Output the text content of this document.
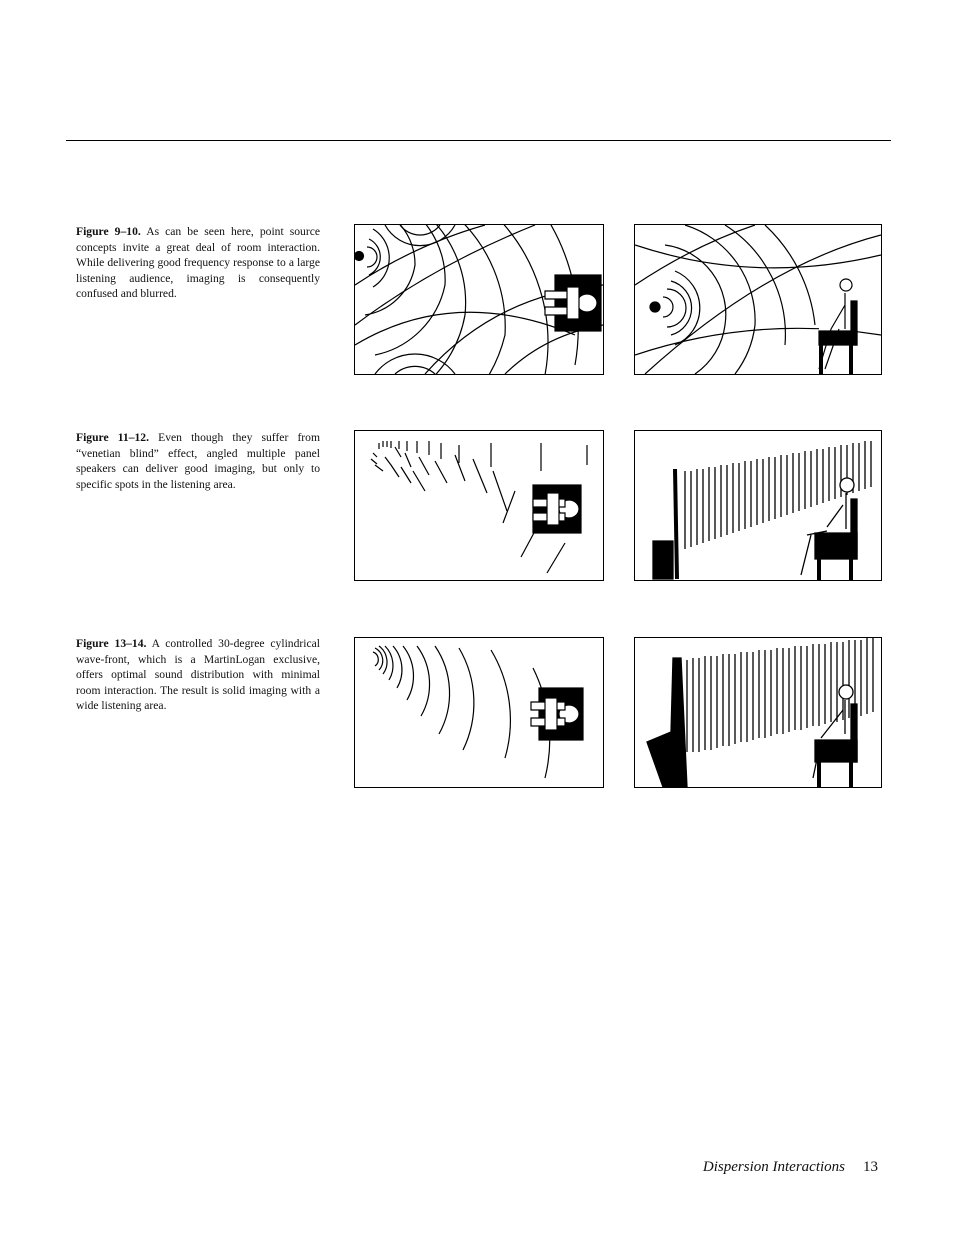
Figure 9–10. As can be seen here, point source concepts invite a great deal of room interaction. While delivering good frequency response to a large listening audience, imaging is consequently confused and blurred.
Figure 11–12. Even though they suffer from “venetian blind” effect, angled multiple panel speakers can deliver good imaging, but only to specific spots in the listening area.
Figure 13–14. A controlled 30-degree cylindrical wave-front, which is a MartinLogan exclusive, offers optimal sound distribution with minimal room interaction. The result is solid imaging with a wide listening area.
Dispersion Interactions 13
